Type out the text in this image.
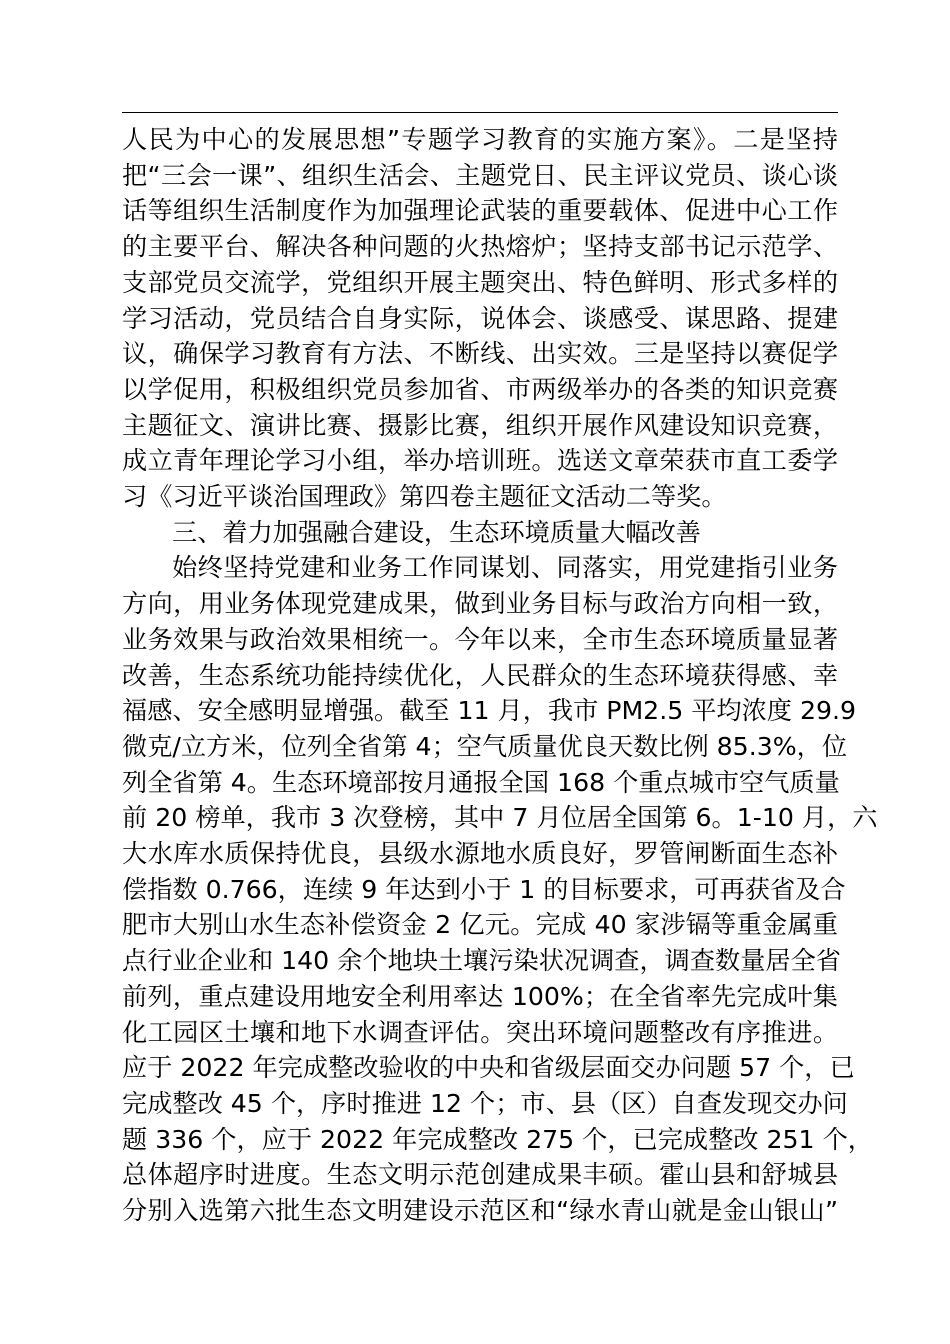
人民为中心的发展思想”专题学习教育的实施方案》。二是坚持
把“三会一课”、组织生活会、主题党日、民主评议党员、谈心谈
话等组织生活制度作为加强理论武装的重要载体、促进中心工作
的主要平台、解决各种问题的火热熔炉；坚持支部书记示范学、
支部党员交流学，党组织开展主题突出、特色鲜明、形式多样的
学习活动，党员结合自身实际，说体会、谈感受、谋思路、提建
议，确保学习教育有方法、不断线、出实效。三是坚持以赛促学
以学促用，积极组织党员参加省、市两级举办的各类的知识竞赛
主题征文、演讲比赛、摄影比赛，组织开展作风建设知识竞赛，
成立青年理论学习小组，举办培训班。选送文章荣获市直工委学
习《习近平谈治国理政》第四卷主题征文活动二等奖。
三、着力加强融合建设，生态环境质量大幅改善
始终坚持党建和业务工作同谋划、同落实，用党建指引业务
方向，用业务体现党建成果，做到业务目标与政治方向相一致，
业务效果与政治效果相统一。今年以来，全市生态环境质量显著
改善，生态系统功能持续优化，人民群众的生态环境获得感、幸
福感、安全感明显增强。截至 11 月，我市 PM2.5 平均浓度 29.9
微克/立方米，位列全省第 4；空气质量优良天数比例 85.3%，位
列全省第 4。生态环境部按月通报全国 168 个重点城市空气质量
前 20 榜单，我市 3 次登榜，其中 7 月位居全国第 6。1-10 月，六
大水库水质保持优良，县级水源地水质良好，罗管闸断面生态补
偿指数 0.766，连续 9 年达到小于 1 的目标要求，可再获省及合
肥市大别山水生态补偿资金 2 亿元。完成 40 家涉镉等重金属重
点行业企业和 140 余个地块土壤污染状况调查，调查数量居全省
前列，重点建设用地安全利用率达 100%；在全省率先完成叶集
化工园区土壤和地下水调查评估。突出环境问题整改有序推进。
应于 2022 年完成整改验收的中央和省级层面交办问题 57 个，已
完成整改 45 个，序时推进 12 个；市、县（区）自查发现交办问
题 336 个，应于 2022 年完成整改 275 个，已完成整改 251 个，
总体超序时进度。生态文明示范创建成果丰硕。霍山县和舒城县
分别入选第六批生态文明建设示范区和“绿水青山就是金山银山”
